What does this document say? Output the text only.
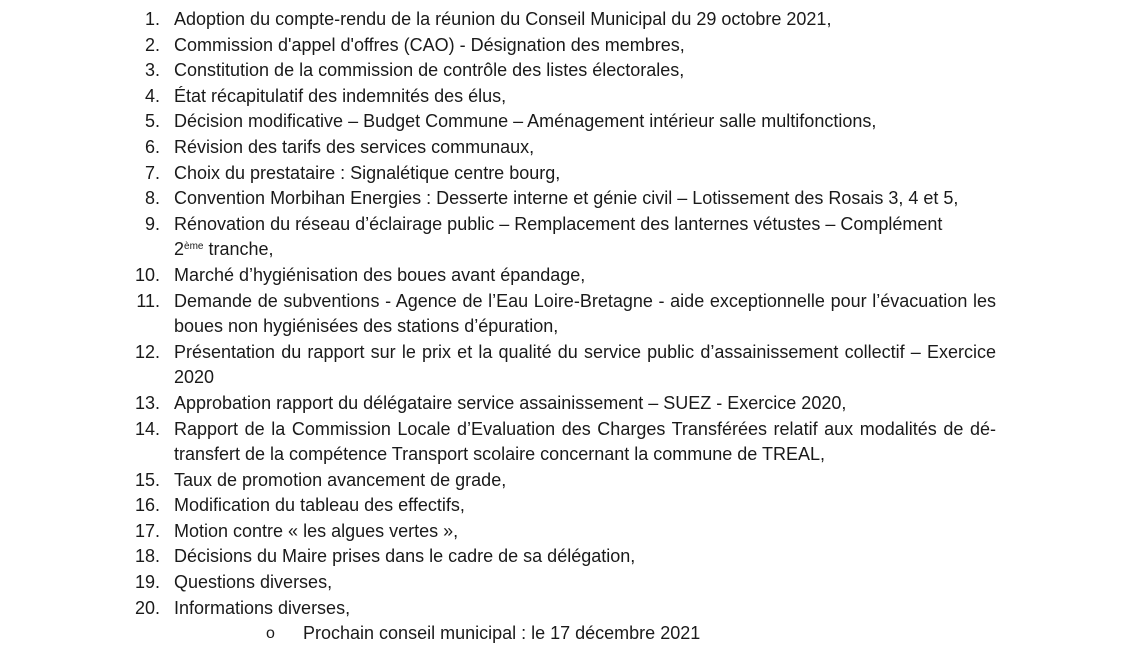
1. Adoption du compte-rendu de la réunion du Conseil Municipal du 29 octobre 2021,
2. Commission d'appel d'offres (CAO) - Désignation des membres,
3. Constitution de la commission de contrôle des listes électorales,
4. État récapitulatif des indemnités des élus,
5. Décision modificative – Budget Commune – Aménagement intérieur salle multifonctions,
6. Révision des tarifs des services communaux,
7. Choix du prestataire : Signalétique centre bourg,
8. Convention Morbihan Energies : Desserte interne et génie civil – Lotissement des Rosais 3, 4 et 5,
9. Rénovation du réseau d’éclairage public – Remplacement des lanternes vétustes – Complément
2ème tranche,
10. Marché d’hygiénisation des boues avant épandage,
11. Demande de subventions - Agence de l’Eau Loire-Bretagne - aide exceptionnelle pour l’évacuation les boues non hygiénisées des stations d’épuration,
12. Présentation du rapport sur le prix et la qualité du service public d’assainissement collectif – Exercice 2020
13. Approbation rapport du délégataire service assainissement – SUEZ - Exercice 2020,
14. Rapport de la Commission Locale d’Evaluation des Charges Transférées relatif aux modalités de dé-transfert de la compétence Transport scolaire concernant la commune de TREAL,
15. Taux de promotion avancement de grade,
16. Modification du tableau des effectifs,
17. Motion contre « les algues vertes »,
18. Décisions du Maire prises dans le cadre de sa délégation,
19. Questions diverses,
20. Informations diverses,
o Prochain conseil municipal : le 17 décembre 2021
